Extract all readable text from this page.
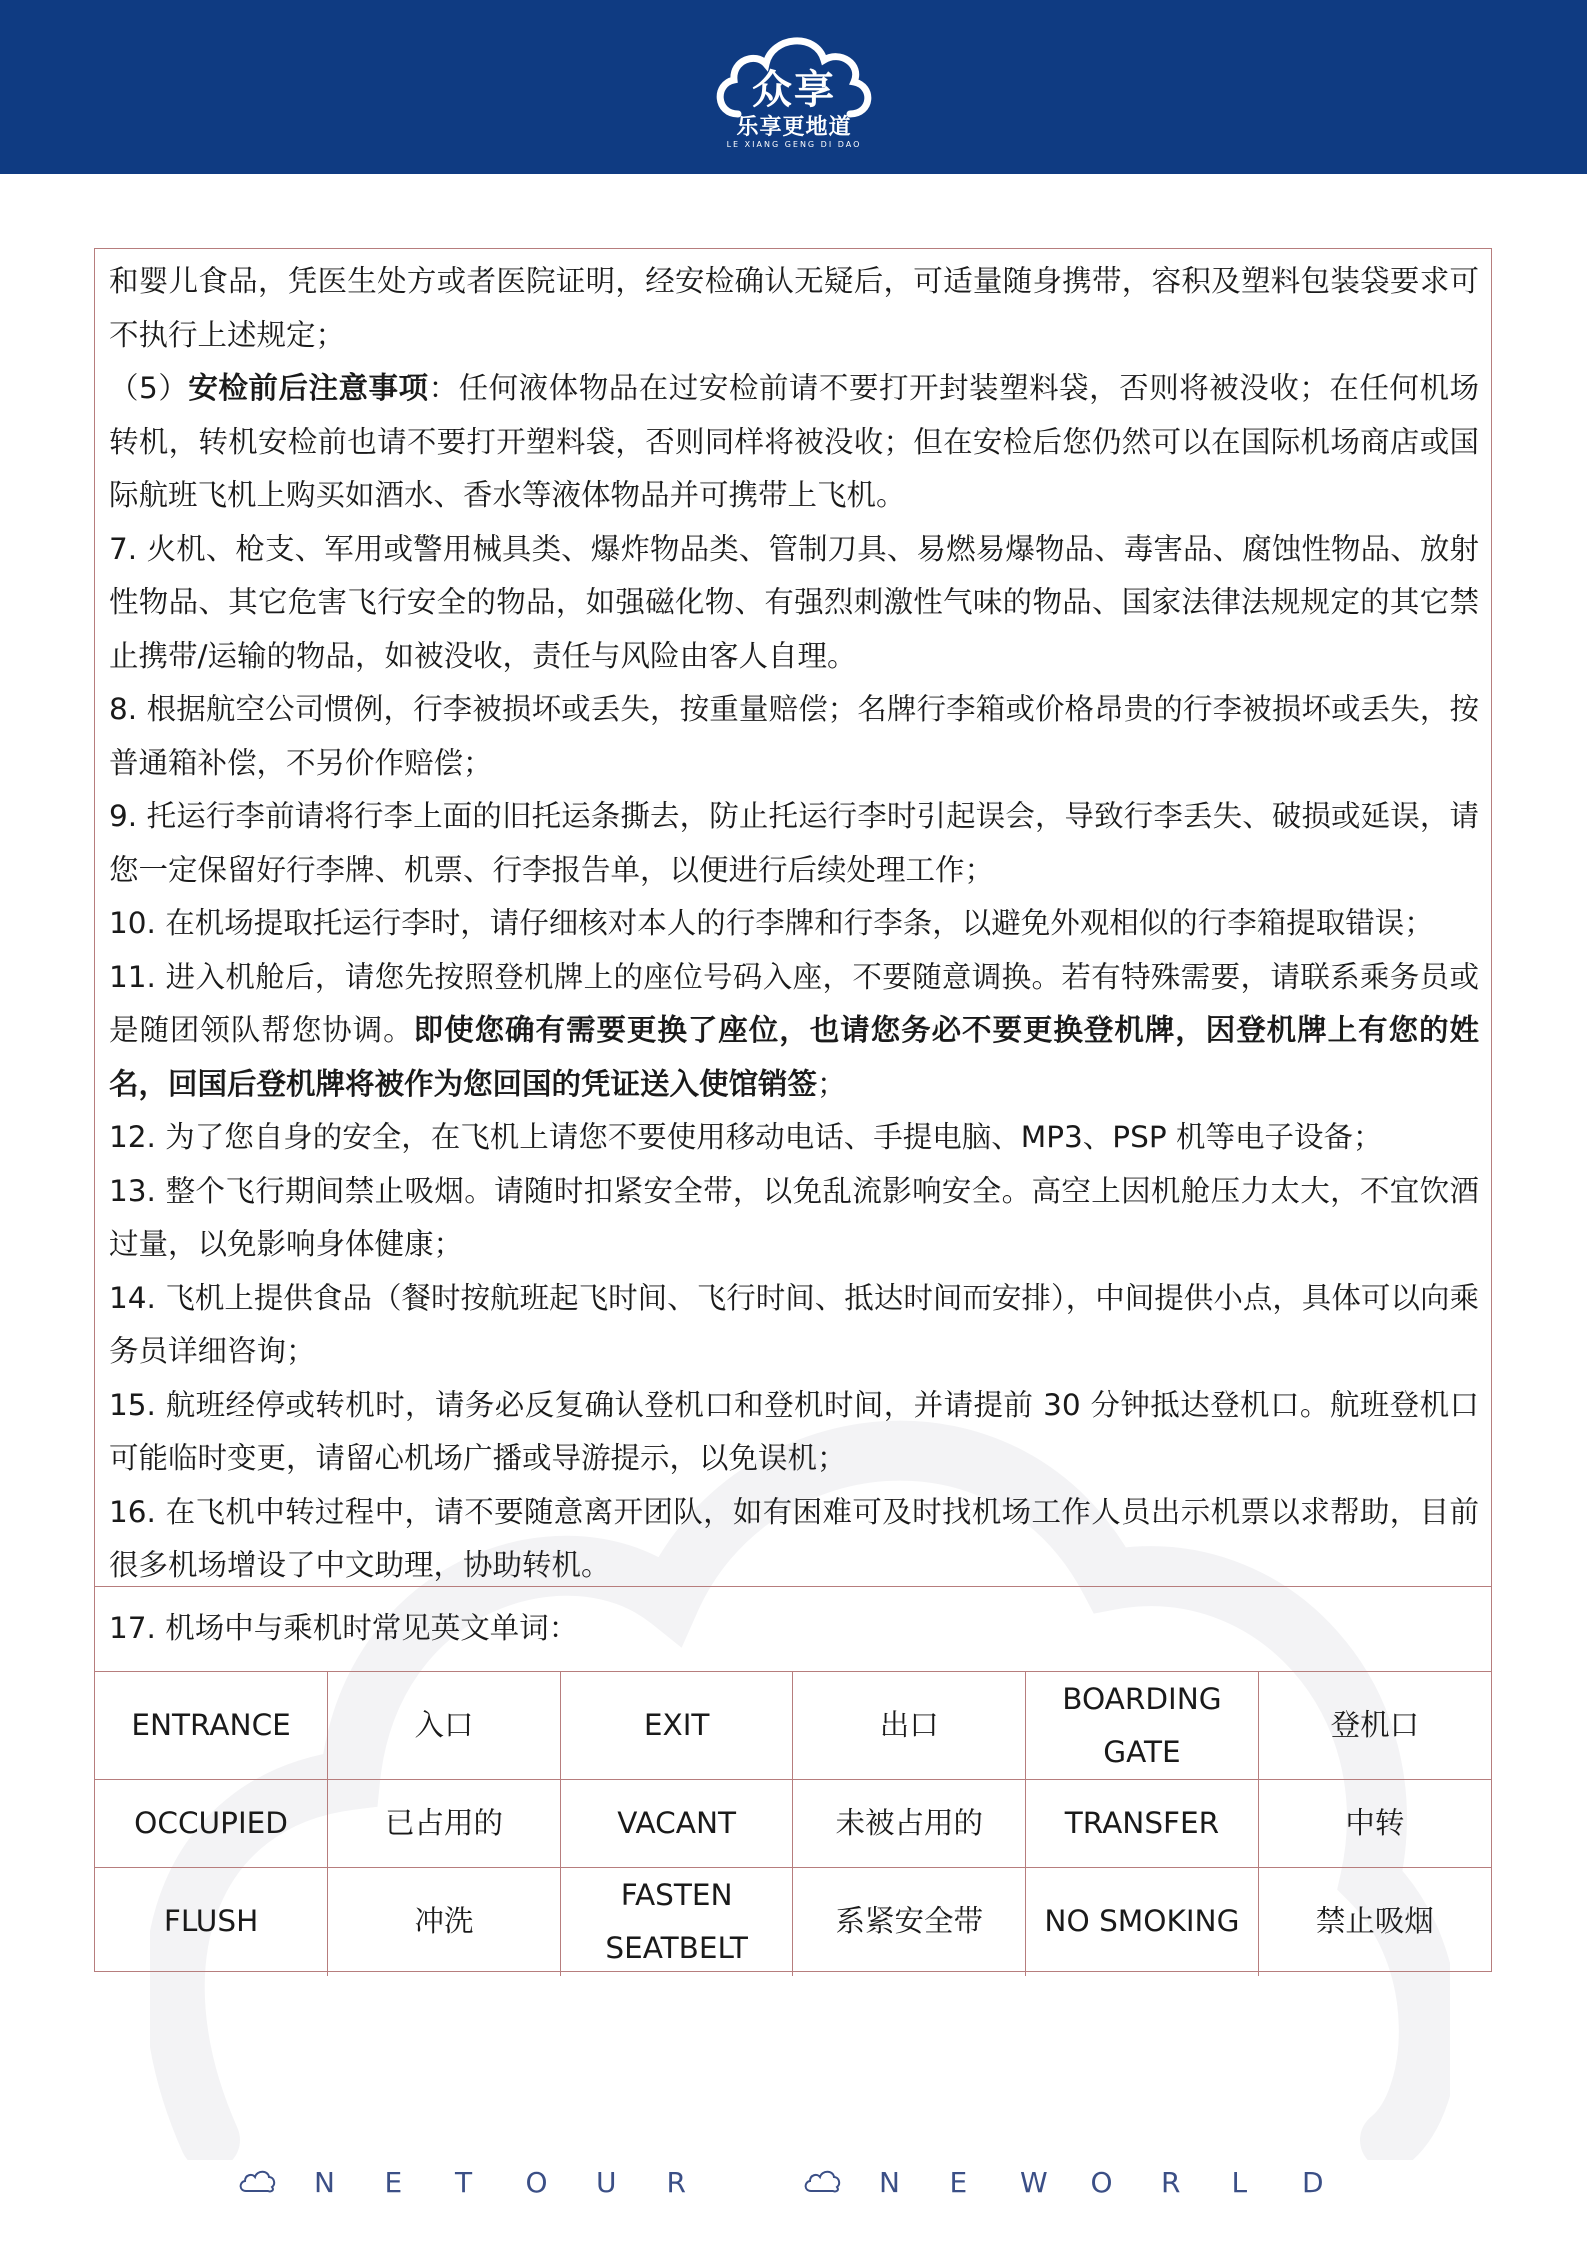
众享
乐享更地道
LE XIANG GENG DI DAO

和婴儿食品，凭医生处方或者医院证明，经安检确认无疑后，可适量随身携带，容积及塑料包装袋要求可不执行上述规定；

（5）安检前后注意事项：任何液体物品在过安检前请不要打开封装塑料袋，否则将被没收；在任何机场转机，转机安检前也请不要打开塑料袋，否则同样将被没收；但在安检后您仍然可以在国际机场商店或国际航班飞机上购买如酒水、香水等液体物品并可携带上飞机。

7. 火机、枪支、军用或警用械具类、爆炸物品类、管制刀具、易燃易爆物品、毒害品、腐蚀性物品、放射性物品、其它危害飞行安全的物品，如强磁化物、有强烈刺激性气味的物品、国家法律法规规定的其它禁止携带/运输的物品，如被没收，责任与风险由客人自理。

8. 根据航空公司惯例，行李被损坏或丢失，按重量赔偿；名牌行李箱或价格昂贵的行李被损坏或丢失，按普通箱补偿，不另价作赔偿；

9. 托运行李前请将行李上面的旧托运条撕去，防止托运行李时引起误会，导致行李丢失、破损或延误，请您一定保留好行李牌、机票、行李报告单，以便进行后续处理工作；

10. 在机场提取托运行李时，请仔细核对本人的行李牌和行李条，以避免外观相似的行李箱提取错误；

11. 进入机舱后，请您先按照登机牌上的座位号码入座，不要随意调换。若有特殊需要，请联系乘务员或是随团领队帮您协调。即使您确有需要更换了座位，也请您务必不要更换登机牌，因登机牌上有您的姓名，回国后登机牌将被作为您回国的凭证送入使馆销签；

12. 为了您自身的安全，在飞机上请您不要使用移动电话、手提电脑、MP3、PSP 机等电子设备；

13. 整个飞行期间禁止吸烟。请随时扣紧安全带，以免乱流影响安全。高空上因机舱压力太大，不宜饮酒过量，以免影响身体健康；

14. 飞机上提供食品（餐时按航班起飞时间、飞行时间、抵达时间而安排），中间提供小点，具体可以向乘务员详细咨询；

15. 航班经停或转机时，请务必反复确认登机口和登机时间，并请提前 30 分钟抵达登机口。航班登机口可能临时变更，请留心机场广播或导游提示，以免误机；

16. 在飞机中转过程中，请不要随意离开团队，如有困难可及时找机场工作人员出示机票以求帮助，目前很多机场增设了中文助理，协助转机。

17. 机场中与乘机时常见英文单词：
ENTRANCE	入口	EXIT	出口	BOARDING GATE	登机口
OCCUPIED	已占用的	VACANT	未被占用的	TRANSFER	中转
FLUSH	冲洗	FASTEN SEATBELT	系紧安全带	NO SMOKING	禁止吸烟
N	E	T	O	U	R	N	E	W	O	R	L	D
